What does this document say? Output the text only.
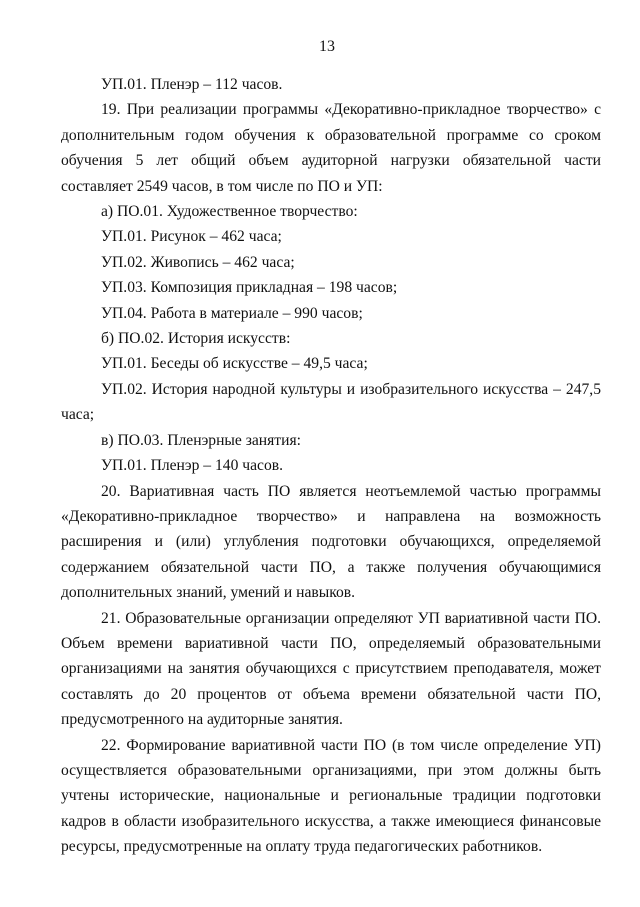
13

УП.01. Пленэр – 112 часов.

19. При реализации программы «Декоративно-прикладное творчество» с дополнительным годом обучения к образовательной программе со сроком обучения 5 лет общий объем аудиторной нагрузки обязательной части составляет 2549 часов, в том числе по ПО и УП:

а) ПО.01. Художественное творчество:

УП.01. Рисунок – 462 часа;

УП.02. Живопись – 462 часа;

УП.03. Композиция прикладная – 198 часов;

УП.04. Работа в материале – 990 часов;

б) ПО.02. История искусств:

УП.01. Беседы об искусстве – 49,5 часа;

УП.02. История народной культуры и изобразительного искусства – 247,5 часа;

в) ПО.03. Пленэрные занятия:

УП.01. Пленэр – 140 часов.

20. Вариативная часть ПО является неотъемлемой частью программы «Декоративно-прикладное творчество» и направлена на возможность расширения и (или) углубления подготовки обучающихся, определяемой содержанием обязательной части ПО, а также получения обучающимися дополнительных знаний, умений и навыков.

21. Образовательные организации определяют УП вариативной части ПО. Объем времени вариативной части ПО, определяемый образовательными организациями на занятия обучающихся с присутствием преподавателя, может составлять до 20 процентов от объема времени обязательной части ПО, предусмотренного на аудиторные занятия.

22. Формирование вариативной части ПО (в том числе определение УП) осуществляется образовательными организациями, при этом должны быть учтены исторические, национальные и региональные традиции подготовки кадров в области изобразительного искусства, а также имеющиеся финансовые ресурсы, предусмотренные на оплату труда педагогических работников.
